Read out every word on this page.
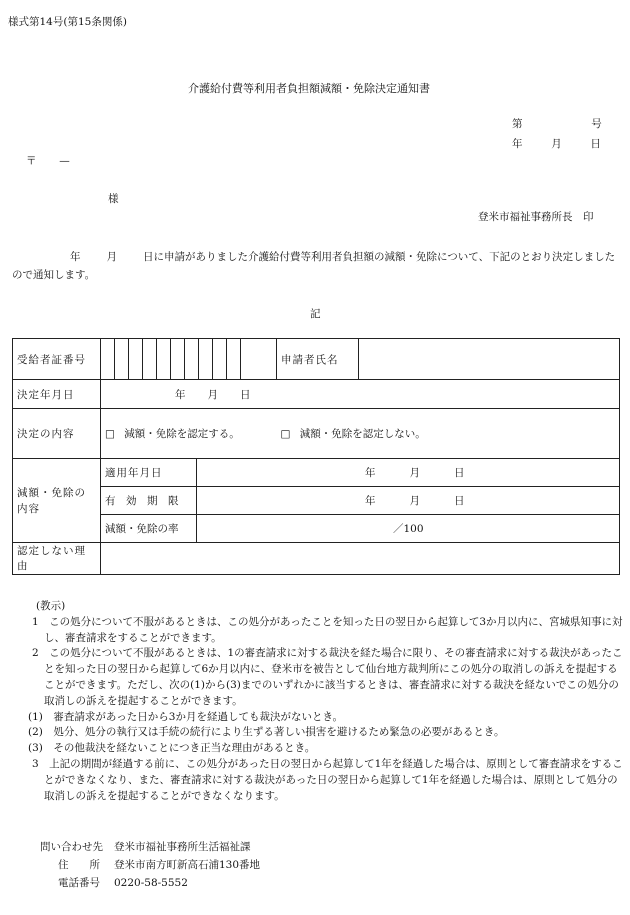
様式第14号(第15条関係)
介護給付費等利用者負担額減額・免除決定通知書
第	号
年	月	日
〒 —
様
登米市福祉事務所長　印
年 月 日に申請がありました介護給付費等利用者負担額の減額・免除について、下記のとおり決定しましたので通知します。
記
受給者証番号			申請者氏名	
決定年月日	年 月 日			
決定の内容	□ 減額・免除を認定する。 □ 減額・免除を認定しない。			
減額・免除の内容	適用年月日	年 月 日		
	有　効　期　限	年 月 日		
	減額・免除の率	／100		
認定しない理由				

(教示)

1　この処分について不服があるときは、この処分があったことを知った日の翌日から起算して3か月以内に、宮城県知事に対し、審査請求をすることができます。

2　この処分について不服があるときは、1の審査請求に対する裁決を経た場合に限り、その審査請求に対する裁決があったことを知った日の翌日から起算して6か月以内に、登米市を被告として仙台地方裁判所にこの処分の取消しの訴えを提起することができます。ただし、次の(1)から(3)までのいずれかに該当するときは、審査請求に対する裁決を経ないでこの処分の取消しの訴えを提起することができます。

(1)　審査請求があった日から3か月を経過しても裁決がないとき。

(2)　処分、処分の執行又は手続の続行により生ずる著しい損害を避けるため緊急の必要があるとき。

(3)　その他裁決を経ないことにつき正当な理由があるとき。

3　上記の期間が経過する前に、この処分があった日の翌日から起算して1年を経過した場合は、原則として審査請求をすることができなくなり、また、審査請求に対する裁決があった日の翌日から起算して1年を経過した場合は、原則として処分の取消しの訴えを提起することができなくなります。

問い合わせ先 登米市福祉事務所生活福祉課
住　　所 登米市南方町新高石浦130番地
電話番号 0220-58-5552
